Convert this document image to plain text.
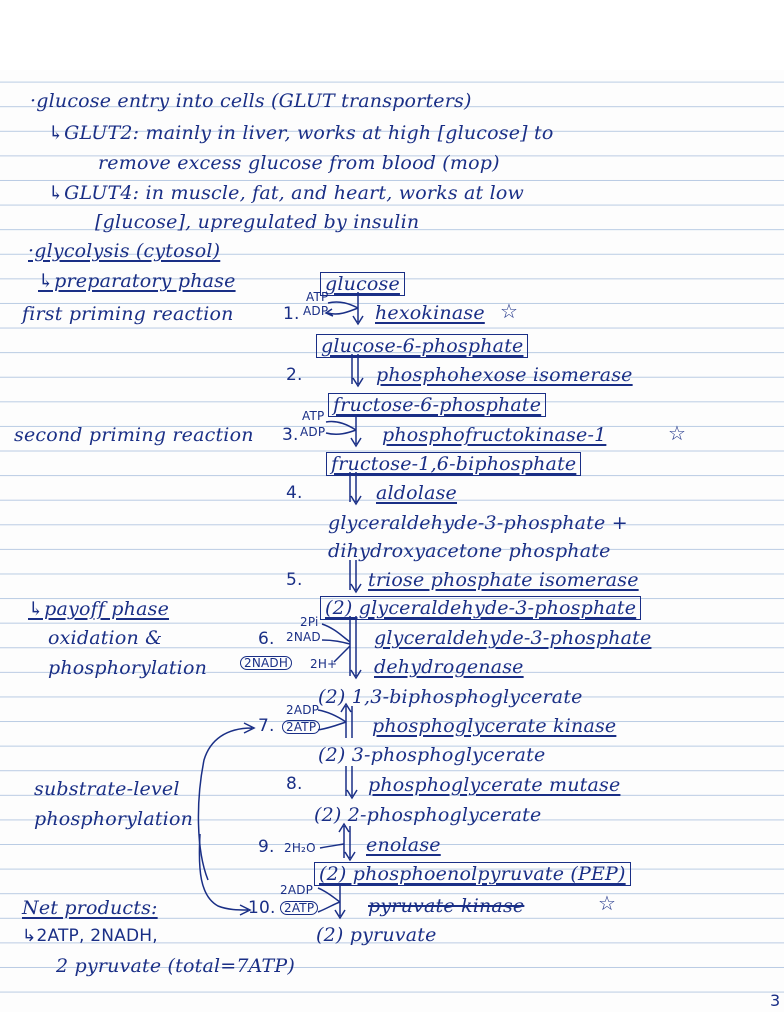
·glucose entry into cells (GLUT transporters)
↳GLUT2: mainly in liver, works at high [glucose] to
remove excess glucose from blood (mop)
↳GLUT4: in muscle, fat, and heart, works at low
[glucose], upregulated by insulin
·glycolysis (cytosol)
↳preparatory phase
first priming reaction
second priming reaction
↳payoff phase
oxidation &
phosphorylation
substrate-level
phosphorylation
Net products:
↳2ATP, 2NADH,
2 pyruvate (total=7ATP)
glucose
ATP
ADP
1.	hexokinase ☆
glucose-6-phosphate
2.	phosphohexose isomerase
fructose-6-phosphate
ATP
ADP
3.	phosphofructokinase-1	☆
fructose-1,6-biphosphate
4.	aldolase
glyceraldehyde-3-phosphate +
dihydroxyacetone phosphate
5.	triose phosphate isomerase
(2) glyceraldehyde-3-phosphate
2Pi
2NAD
6.
2NADH	2H+
glyceraldehyde-3-phosphate
dehydrogenase
(2) 1,3-biphosphoglycerate
2ADP
7. 2ATP	phosphoglycerate kinase
(2) 3-phosphoglycerate
8.	phosphoglycerate mutase
(2) 2-phosphoglycerate
9. 2H₂O	enolase
(2) phosphoenolpyruvate (PEP)
2ADP
10. 2ATP	pyruvate kinase	☆
(2) pyruvate
3
